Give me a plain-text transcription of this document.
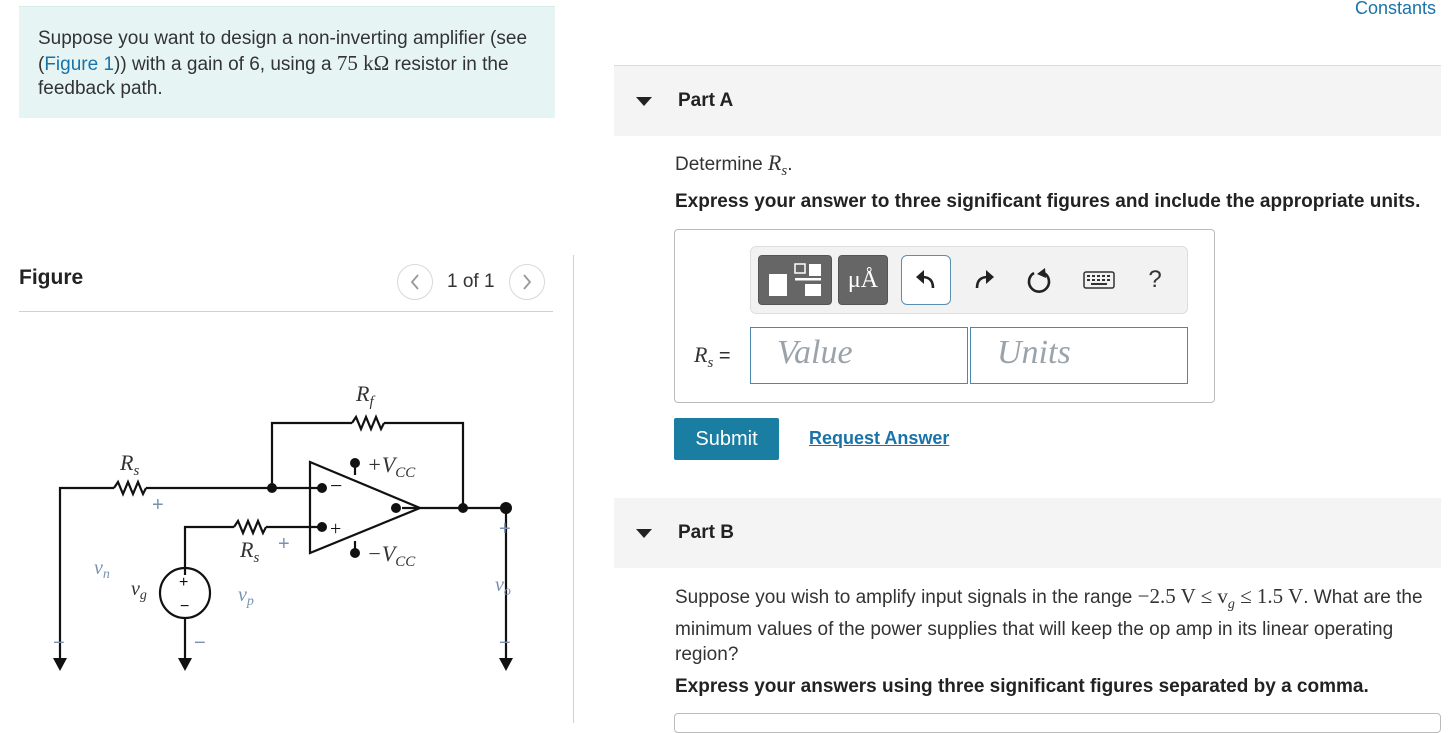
Suppose you want to design a non-inverting amplifier (see (Figure 1)) with a gain of 6, using a 75 kΩ resistor in the feedback path.
Figure	1 of 1
−
+
+
−
$R_f$
$R_s$
$R_s$
$+V_{CC}$
$-V_{CC}$
$v_n$
$v_g$	$v_p$
$v_o$
+
+
+
−	−	−
Constants
Part A
Determine $R_s$.
Express your answer to three significant figures and include the appropriate units.
μÅ	?
$R_s$ =	Value	Units
Submit	Request Answer
Part B
Suppose you wish to amplify input signals in the range −2.5 $V \le v_g \le 1.5$ V. What are the minimum values of the power supplies that will keep the op amp in its linear operating region?
Express your answers using three significant figures separated by a comma.
